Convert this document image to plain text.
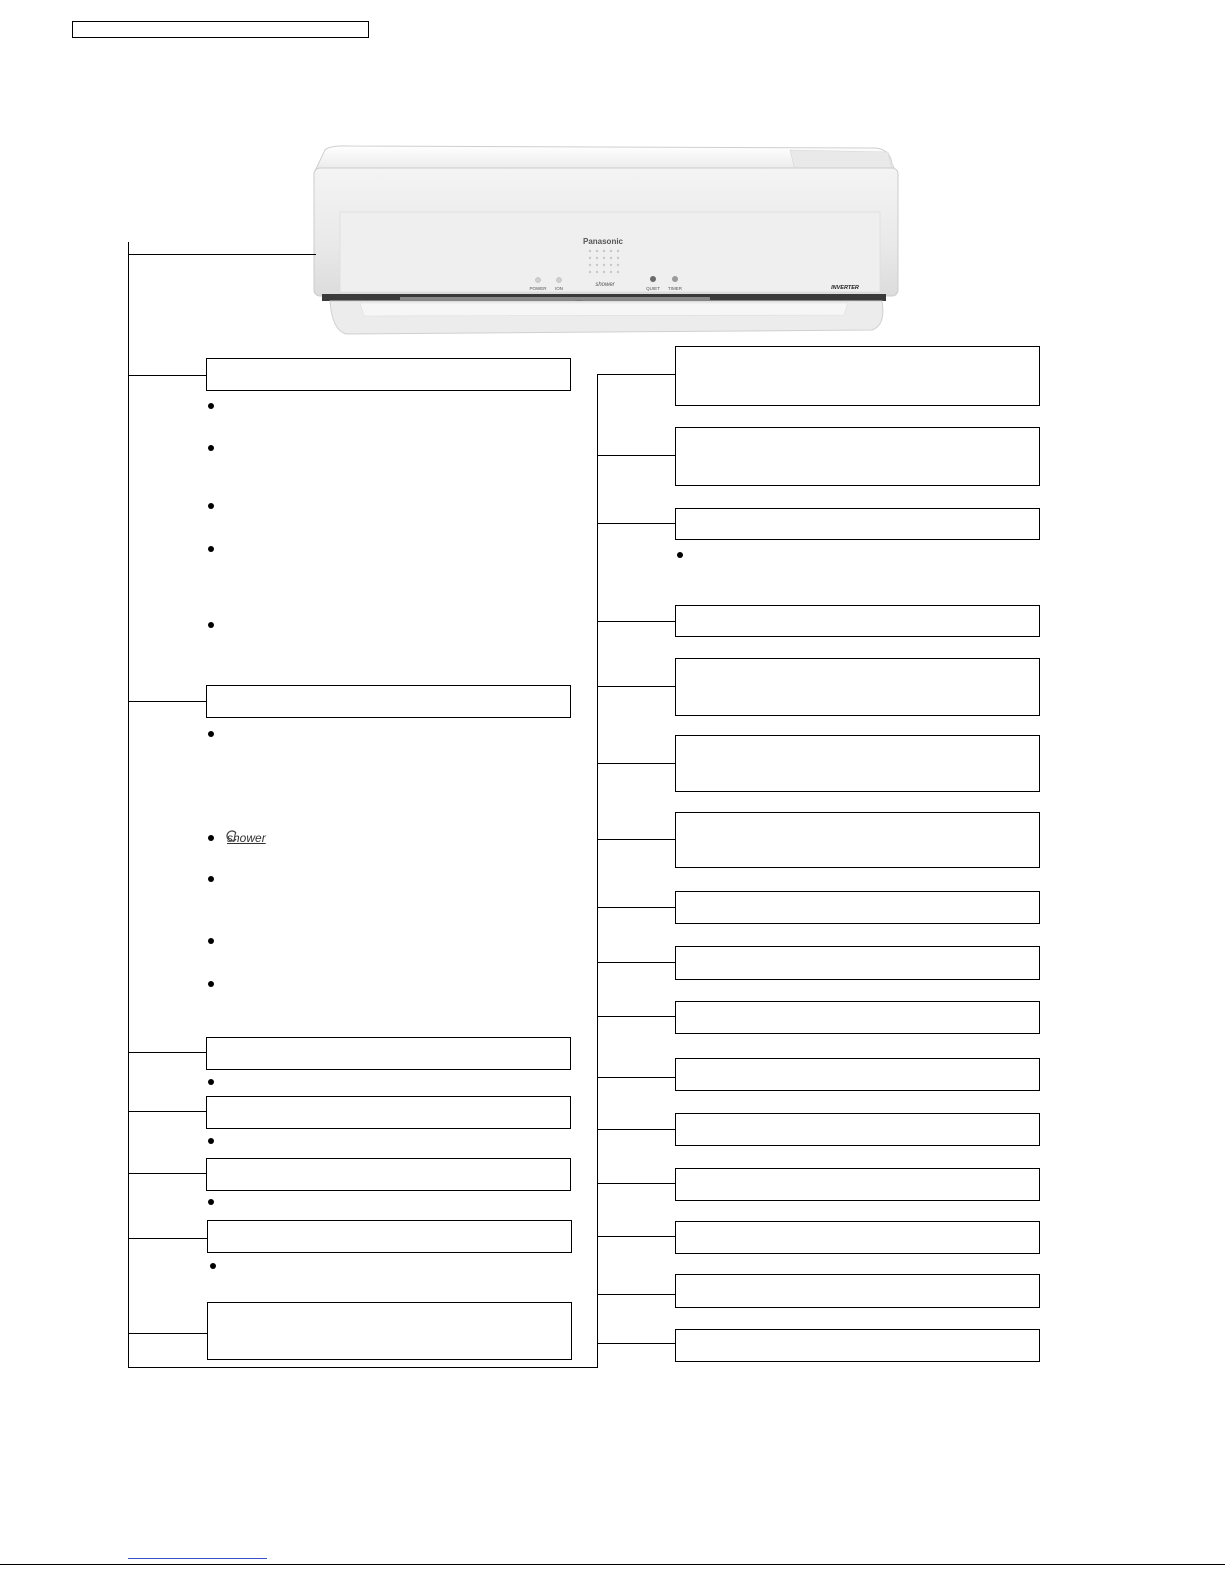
Panasonic
POWER ION	QUIET TIMER
shower	INVERTER
shower
